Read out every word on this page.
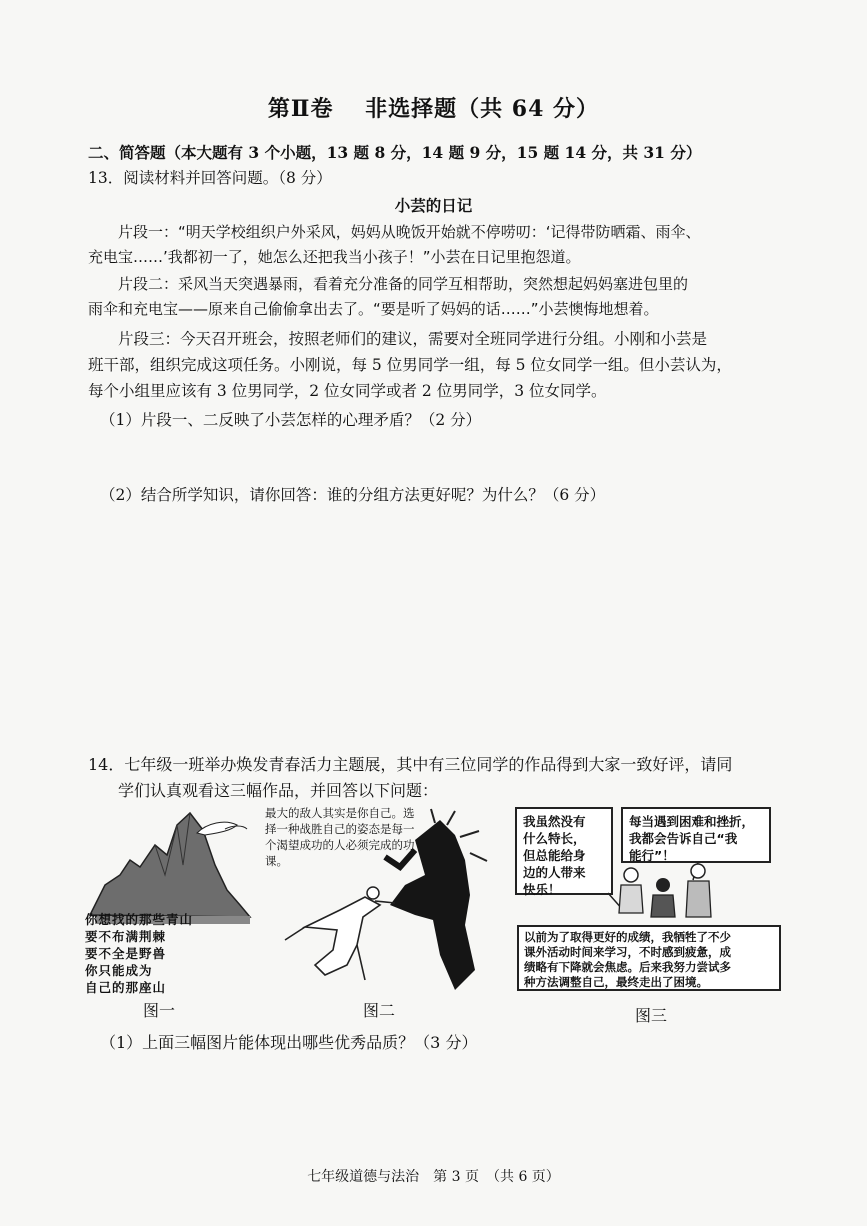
第Ⅱ卷　 非选择题（共 64 分）
二、简答题（本大题有 3 个小题，13 题 8 分，14 题 9 分，15 题 14 分，共 31 分）
13．阅读材料并回答问题。（8 分）
小芸的日记
片段一：“明天学校组织户外采风，妈妈从晚饭开始就不停唠叨：‘记得带防晒霜、雨伞、
充电宝……’我都初一了，她怎么还把我当小孩子！”小芸在日记里抱怨道。
片段二：采风当天突遇暴雨，看着充分准备的同学互相帮助，突然想起妈妈塞进包里的
雨伞和充电宝——原来自己偷偷拿出去了。“要是听了妈妈的话……”小芸懊悔地想着。
片段三：今天召开班会，按照老师们的建议，需要对全班同学进行分组。小刚和小芸是
班干部，组织完成这项任务。小刚说，每 5 位男同学一组，每 5 位女同学一组。但小芸认为，
每个小组里应该有 3 位男同学，2 位女同学或者 2 位男同学，3 位女同学。
（1）片段一、二反映了小芸怎样的心理矛盾？（2 分）
（2）结合所学知识，请你回答：谁的分组方法更好呢？为什么？（6 分）
14．七年级一班举办焕发青春活力主题展，其中有三位同学的作品得到大家一致好评，请同
学们认真观看这三幅作品，并回答以下问题：
你想找的那些青山
要不布满荆棘
要不全是野兽
你只能成为
自己的那座山
图一
最大的敌人其实是你自己。选
择一种战胜自己的姿态是每一
个渴望成功的人必须完成的功
课。
图二
我虽然没有
什么特长，
但总能给身
边的人带来
快乐！
每当遇到困难和挫折，
我都会告诉自己“我
能行”！
以前为了取得更好的成绩，我牺牲了不少
课外活动时间来学习，不时感到疲惫，成
绩略有下降就会焦虑。后来我努力尝试多
种方法调整自己，最终走出了困境。
图三
（1）上面三幅图片能体现出哪些优秀品质？（3 分）
七年级道德与法治　第 3 页　（共 6 页）
